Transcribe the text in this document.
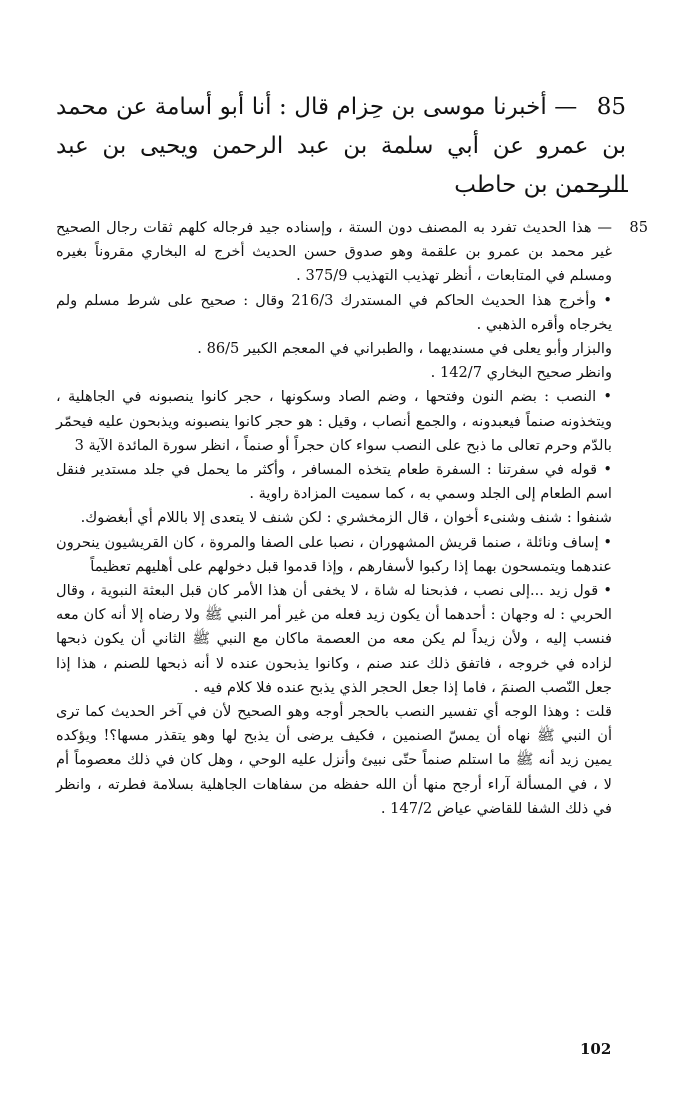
85 — أخبرنا موسى بن حِزام قال : أنا أبو أسامة عن محمد بن عمرو عن أبي سلمة بن عبد الرحمن ويحيى بن عبد الرحمن بن حاطب
85

— هذا الحديث تفرد به المصنف دون الستة ، وإسناده جيد فرجاله كلهم ثقات رجال الصحيح غير محمد بن عمرو بن علقمة وهو صدوق حسن الحديث أخرج له البخاري مقروناً بغيره ومسلم في المتابعات ، أنظر تهذيب التهذيب 375/9 .

• وأخرج هذا الحديث الحاكم في المستدرك 216/3 وقال : صحيح على شرط مسلم ولم يخرجاه وأقره الذهبي .

والبزار وأبو يعلى في مسنديهما ، والطبراني في المعجم الكبير 86/5 .

وانظر صحيح البخاري 142/7 .

• النصب : بضم النون وفتحها ، وضم الصاد وسكونها ، حجر كانوا ينصبونه في الجاهلية ، ويتخذونه صنماً فيعبدونه ، والجمع أنصاب ، وقيل : هو حجر كانوا ينصبونه ويذبحون عليه فيحمّر بالدّم وحرم تعالى ما ذبح على النصب سواء كان حجراً أو صنماً ، انظر سورة المائدة الآية 3

• قوله في سفرتنا : السفرة طعام يتخذه المسافر ، وأكثر ما يحمل في جلد مستدير فنقل اسم الطعام إلى الجلد وسمي به ، كما سميت المزادة راوية .

شنفوا : شنف وشنىء أخوان ، قال الزمخشري : لكن شنف لا يتعدى إلا باللام أي أبغضوك.

• إساف ونائلة ، صنما قريش المشهوران ، نصبا على الصفا والمروة ، كان القريشيون ينحرون عندهما ويتمسحون بهما إذا ركبوا لأسفارهم ، وإذا قدموا قبل دخولهم على أهليهم تعظيماً

• قول زيد ...إلى نصب ، فذبحنا له شاة ، لا يخفى أن هذا الأمر كان قبل البعثة النبوية ، وقال الحربي : له وجهان : أحدهما أن يكون زيد فعله من غير أمر النبي ﷺ ولا رضاه إلا أنه كان معه فنسب إليه ، ولأن زيداً لم يكن معه من العصمة ماكان مع النبي ﷺ الثاني أن يكون ذبحها لزاده في خروجه ، فاتفق ذلك عند صنم ، وكانوا يذبحون عنده لا أنه ذبحها للصنم ، هذا إذا جعل النّصب الصنمَ ، فاما إذا جعل الحجر الذي يذبح عنده فلا كلام فيه .

قلت : وهذا الوجه أي تفسير النصب بالحجر أوجه وهو الصحيح لأن في آخر الحديث كما ترى أن النبي ﷺ نهاه أن يمسّ الصنمين ، فكيف يرضى أن يذبح لها وهو يتقذر مسها؟! ويؤكده يمين زيد أنه ﷺ ما استلم صنماً حتّى نبيئ وأنزل عليه الوحي ، وهل كان في ذلك معصوماً أم لا ، في المسألة آراء أرجح منها أن الله حفظه من سفاهات الجاهلية بسلامة فطرته ، وانظر في ذلك الشفا للقاضي عياض 147/2 .

102
